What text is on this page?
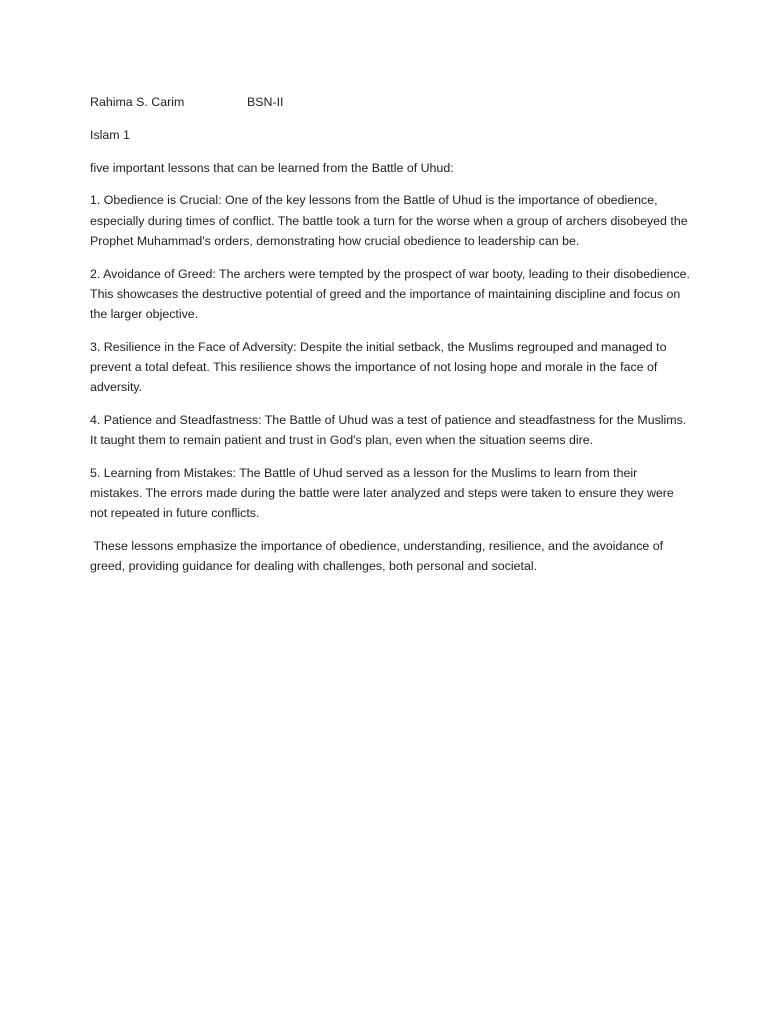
Rahima S. Carim	BSN-II

Islam 1

five important lessons that can be learned from the Battle of Uhud:

1. Obedience is Crucial: One of the key lessons from the Battle of Uhud is the importance of obedience, especially during times of conflict. The battle took a turn for the worse when a group of archers disobeyed the Prophet Muhammad's orders, demonstrating how crucial obedience to leadership can be.

2. Avoidance of Greed: The archers were tempted by the prospect of war booty, leading to their disobedience. This showcases the destructive potential of greed and the importance of maintaining discipline and focus on the larger objective.

3. Resilience in the Face of Adversity: Despite the initial setback, the Muslims regrouped and managed to prevent a total defeat. This resilience shows the importance of not losing hope and morale in the face of adversity.

4. Patience and Steadfastness: The Battle of Uhud was a test of patience and steadfastness for the Muslims. It taught them to remain patient and trust in God's plan, even when the situation seems dire.

5. Learning from Mistakes: The Battle of Uhud served as a lesson for the Muslims to learn from their mistakes. The errors made during the battle were later analyzed and steps were taken to ensure they were not repeated in future conflicts.

These lessons emphasize the importance of obedience, understanding, resilience, and the avoidance of greed, providing guidance for dealing with challenges, both personal and societal.
